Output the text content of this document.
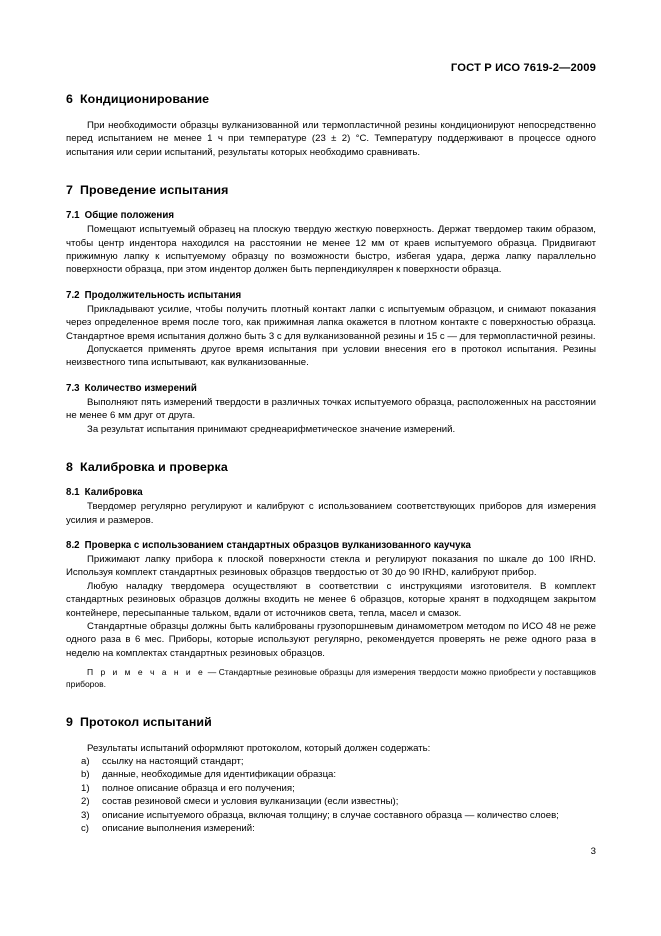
ГОСТ Р ИСО 7619-2—2009
6 Кондиционирование

При необходимости образцы вулканизованной или термопластичной резины кондиционируют непосредственно перед испытанием не менее 1 ч при температуре (23 ± 2) °C. Температуру поддерживают в процессе одного испытания или серии испытаний, результаты которых необходимо сравнивать.

7 Проведение испытания
7.1 Общие положения

Помещают испытуемый образец на плоскую твердую жесткую поверхность. Держат твердомер таким образом, чтобы центр индентора находился на расстоянии не менее 12 мм от краев испытуемого образца. Придвигают прижимную лапку к испытуемому образцу по возможности быстро, избегая удара, держа лапку параллельно поверхности образца, при этом индентор должен быть перпендикулярен к поверхности образца.

7.2 Продолжительность испытания

Прикладывают усилие, чтобы получить плотный контакт лапки с испытуемым образцом, и снимают показания через определенное время после того, как прижимная лапка окажется в плотном контакте с поверхностью образца. Стандартное время испытания должно быть 3 с для вулканизованной резины и 15 с — для термопластичной резины.

Допускается применять другое время испытания при условии внесения его в протокол испытания. Резины неизвестного типа испытывают, как вулканизованные.

7.3 Количество измерений

Выполняют пять измерений твердости в различных точках испытуемого образца, расположенных на расстоянии не менее 6 мм друг от друга.

За результат испытания принимают среднеарифметическое значение измерений.

8 Калибровка и проверка
8.1 Калибровка

Твердомер регулярно регулируют и калибруют с использованием соответствующих приборов для измерения усилия и размеров.

8.2 Проверка с использованием стандартных образцов вулканизованного каучука

Прижимают лапку прибора к плоской поверхности стекла и регулируют показания по шкале до 100 IRHD. Используя комплект стандартных резиновых образцов твердостью от 30 до 90 IRHD, калибруют прибор.

Любую наладку твердомера осуществляют в соответствии с инструкциями изготовителя. В комплект стандартных резиновых образцов должны входить не менее 6 образцов, которые хранят в подходящем закрытом контейнере, пересыпанные тальком, вдали от источников света, тепла, масел и смазок.

Стандартные образцы должны быть калиброваны грузопоршневым динамометром методом по ИСО 48 не реже одного раза в 6 мес. Приборы, которые используют регулярно, рекомендуется проверять не реже одного раза в неделю на комплектах стандартных резиновых образцов.

П р и м е ч а н и е — Стандартные резиновые образцы для измерения твердости можно приобрести у поставщиков приборов.

9 Протокол испытаний

Результаты испытаний оформляют протоколом, который должен содержать:

a) ссылку на настоящий стандарт;
b) данные, необходимые для идентификации образца:
1) полное описание образца и его получения;
2) состав резиновой смеси и условия вулканизации (если известны);
3) описание испытуемого образца, включая толщину; в случае составного образца — количество слоев;
c) описание выполнения измерений:
3
